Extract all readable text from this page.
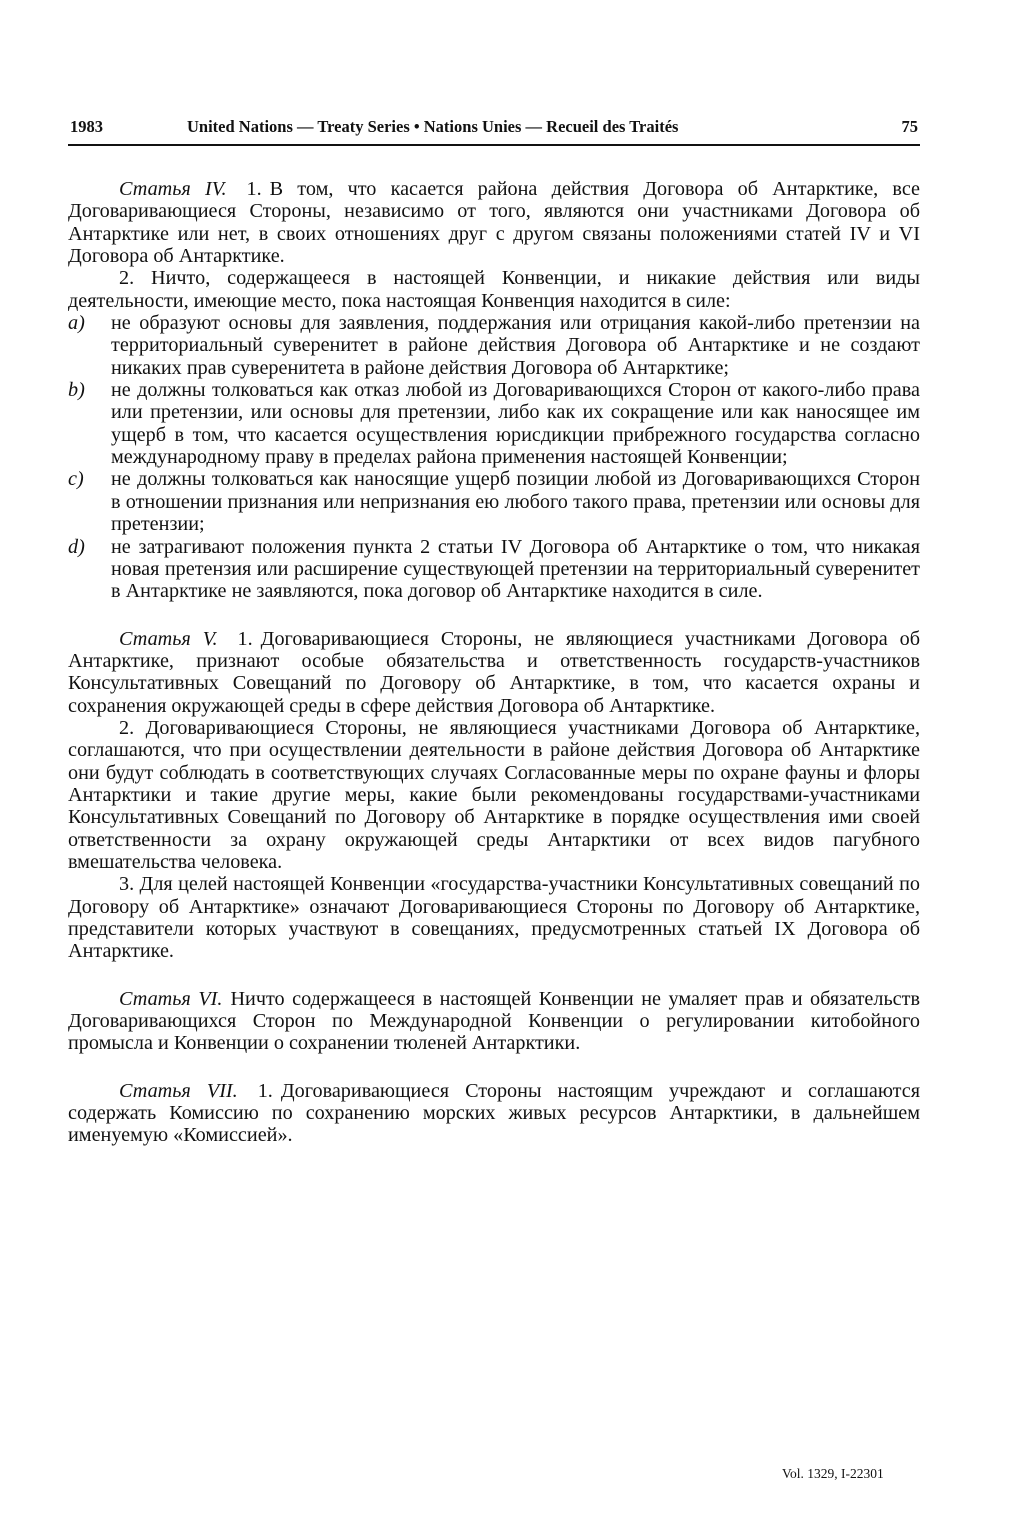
1983	United Nations — Treaty Series • Nations Unies — Recueil des Traités	75

Статья IV. 1. В том, что касается района действия Договора об Антарктике, все Договаривающиеся Стороны, независимо от того, являются они участниками Договора об Антарктике или нет, в своих отношениях друг с другом связаны положениями статей IV и VI Договора об Антарктике.

2. Ничто, содержащееся в настоящей Конвенции, и никакие действия или виды деятельности, имеющие место, пока настоящая Конвенция находится в силе:

a)	не образуют основы для заявления, поддержания или отрицания какой-либо претензии на территориальный суверенитет в районе действия Договора об Антарктике и не создают никаких прав суверенитета в районе действия Договора об Антарктике;
b)	не должны толковаться как отказ любой из Договаривающихся Сторон от какого-либо права или претензии, или основы для претензии, либо как их сокращение или как наносящее им ущерб в том, что касается осуществления юрисдикции прибрежного государства согласно международному праву в пределах района применения настоящей Конвенции;
c)	не должны толковаться как наносящие ущерб позиции любой из Договаривающихся Сторон в отношении признания или непризнания ею любого такого права, претензии или основы для претензии;
d)	не затрагивают положения пункта 2 статьи IV Договора об Антарктике о том, что никакая новая претензия или расширение существующей претензии на территориальный суверенитет в Антарктике не заявляются, пока договор об Антарктике находится в силе.

Статья V. 1. Договаривающиеся Стороны, не являющиеся участниками Договора об Антарктике, признают особые обязательства и ответственность государств-участников Консультативных Совещаний по Договору об Антарктике, в том, что касается охраны и сохранения окружающей среды в сфере действия Договора об Антарктике.

2. Договаривающиеся Стороны, не являющиеся участниками Договора об Антарктике, соглашаются, что при осуществлении деятельности в районе действия Договора об Антарктике они будут соблюдать в соответствующих случаях Согласованные меры по охране фауны и флоры Антарктики и такие другие меры, какие были рекомендованы государствами-участниками Консультативных Совещаний по Договору об Антарктике в порядке осуществления ими своей ответственности за охрану окружающей среды Антарктики от всех видов пагубного вмешательства человека.

3. Для целей настоящей Конвенции «государства-участники Консультативных совещаний по Договору об Антарктике» означают Договаривающиеся Стороны по Договору об Антарктике, представители которых участвуют в совещаниях, предусмотренных статьей IX Договора об Антарктике.

Статья VI. Ничто содержащееся в настоящей Конвенции не умаляет прав и обязательств Договаривающихся Сторон по Международной Конвенции о регулировании китобойного промысла и Конвенции о сохранении тюленей Антарктики.

Статья VII. 1. Договаривающиеся Стороны настоящим учреждают и соглашаются содержать Комиссию по сохранению морских живых ресурсов Антарктики, в дальнейшем именуемую «Комиссией».

Vol. 1329, I-22301
